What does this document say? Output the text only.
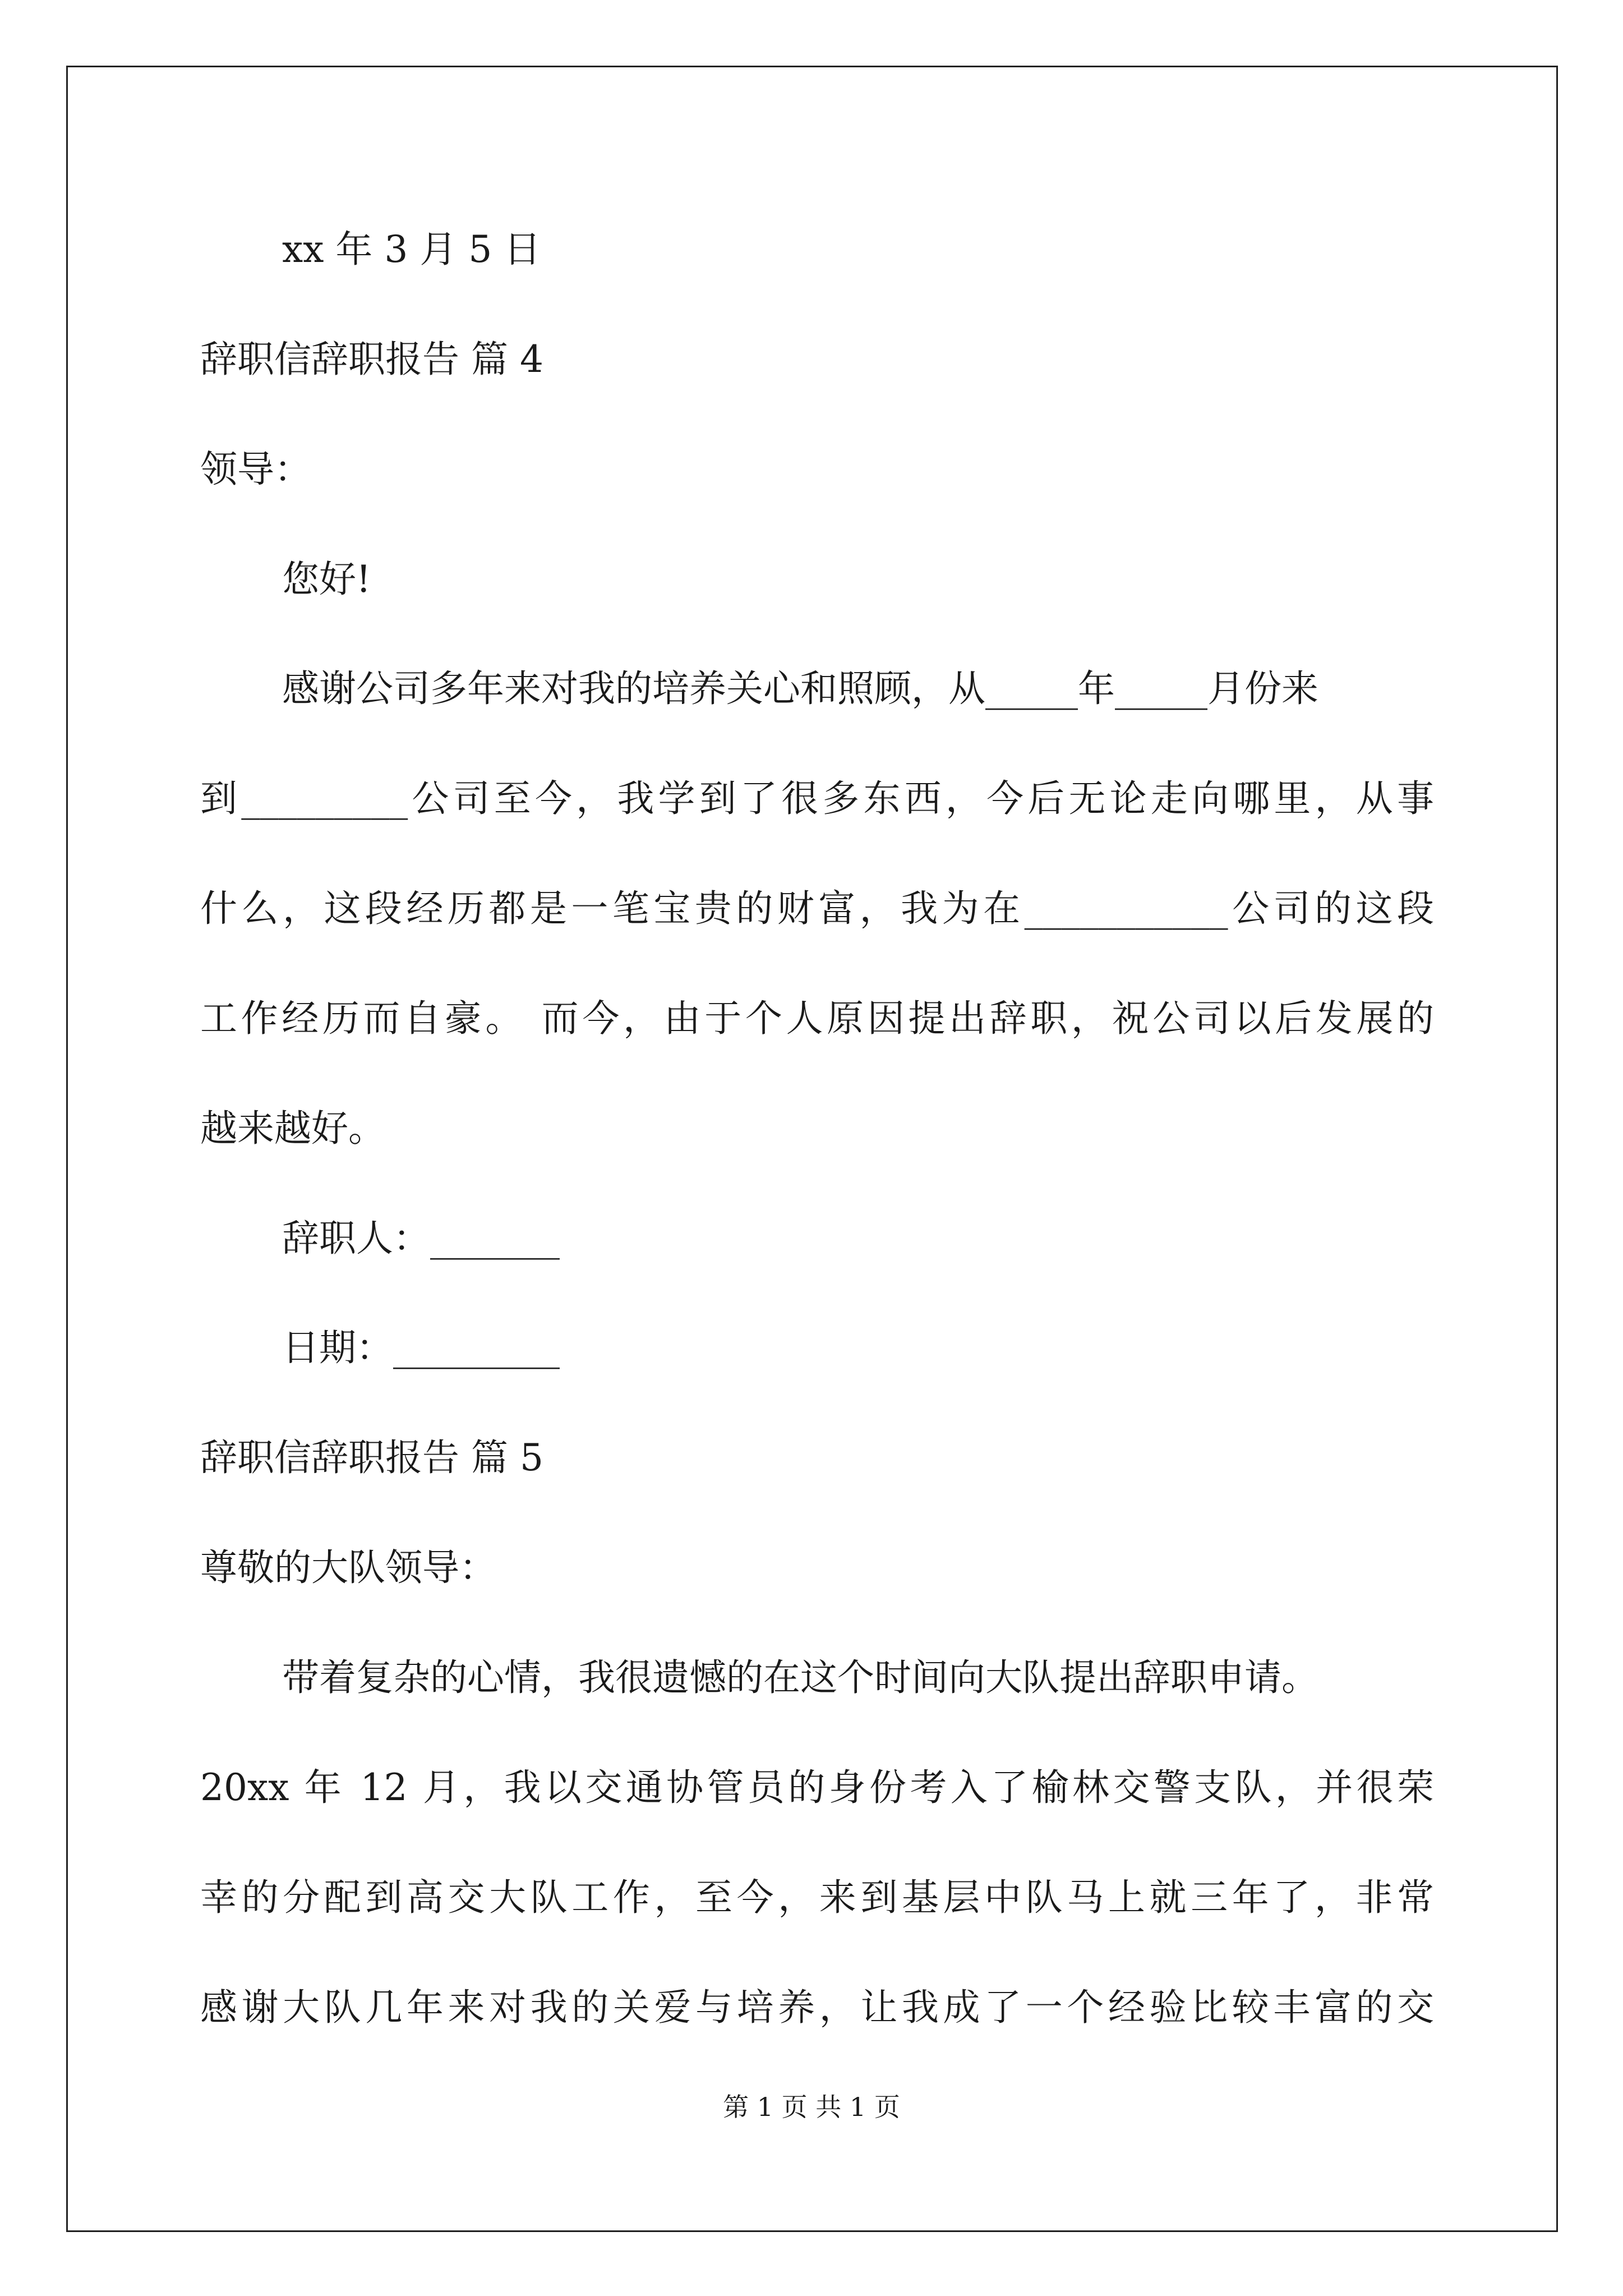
xx 年 3 月 5 日
辞职信辞职报告 篇 4
领导：
您好!
感谢公司多年来对我的培养关心和照顾，从_____年_____月份来
到_________公司至今，我学到了很多东西，今后无论走向哪里，从事
什么，这段经历都是一笔宝贵的财富，我为在___________公司的这段
工作经历而自豪。 而今，由于个人原因提出辞职，祝公司以后发展的
越来越好。
辞职人：_______
日期：_________
辞职信辞职报告 篇 5
尊敬的大队领导：
带着复杂的心情，我很遗憾的在这个时间向大队提出辞职申请。
20xx 年 12 月，我以交通协管员的身份考入了榆林交警支队，并很荣
幸的分配到高交大队工作，至今，来到基层中队马上就三年了，非常
感谢大队几年来对我的关爱与培养，让我成了一个经验比较丰富的交
第 1 页 共 1 页
